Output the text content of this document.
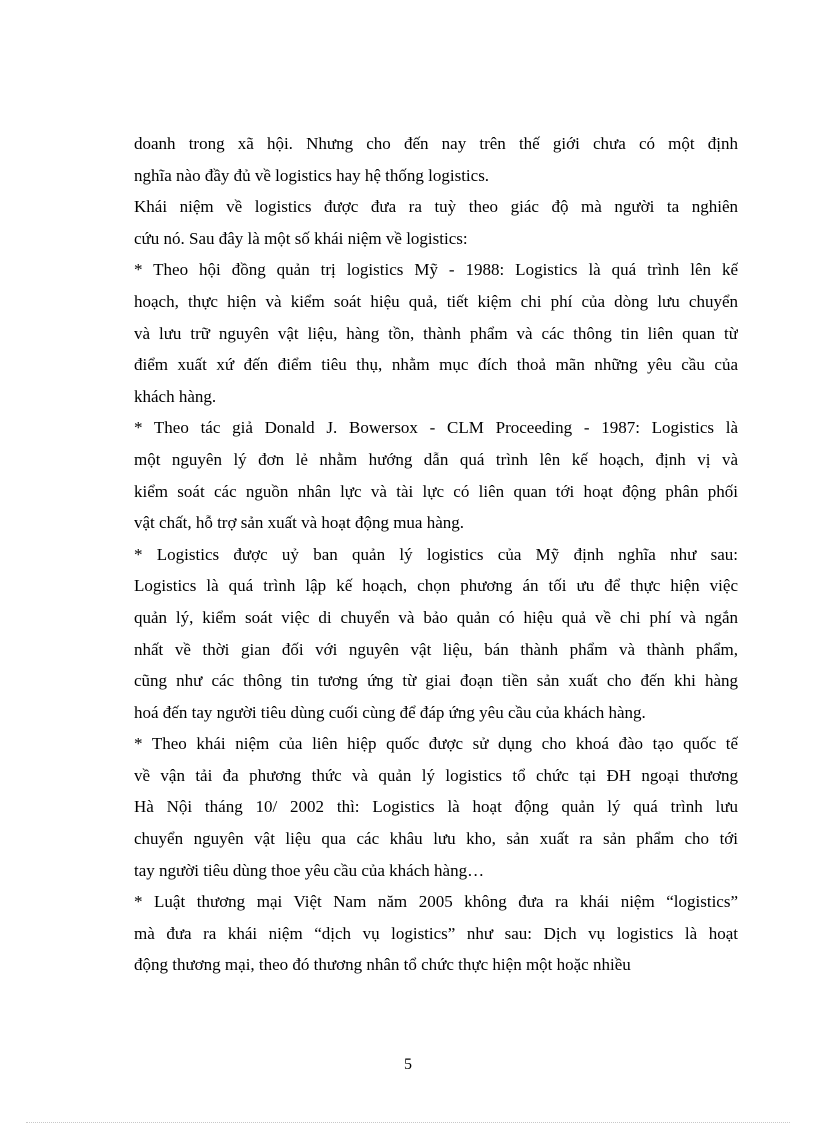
doanh trong xã hội. Nhưng cho đến nay trên thế giới chưa có một định
nghĩa nào đầy đủ về logistics hay hệ thống logistics.
Khái niệm về logistics được đưa ra tuỳ theo giác độ mà người ta nghiên
cứu nó. Sau đây là một số khái niệm về logistics:
* Theo hội đồng quản trị logistics Mỹ - 1988: Logistics là quá trình lên kế
hoạch, thực hiện và kiểm soát hiệu quả, tiết kiệm chi phí của dòng lưu chuyển
và lưu trữ nguyên vật liệu, hàng tồn, thành phẩm và các thông tin liên quan từ
điểm xuất xứ đến điểm tiêu thụ, nhằm mục đích thoả mãn những yêu cầu của
khách hàng.
* Theo tác giả Donald J. Bowersox - CLM Proceeding - 1987: Logistics là
một nguyên lý đơn lẻ nhằm hướng dẫn quá trình lên kế hoạch, định vị và
kiểm soát các nguồn nhân lực và tài lực có liên quan tới hoạt động phân phối
vật chất, hỗ trợ sản xuất và hoạt động mua hàng.
* Logistics được uỷ ban quản lý logistics của Mỹ định nghĩa như sau:
Logistics là quá trình lập kế hoạch, chọn phương án tối ưu để thực hiện việc
quản lý, kiểm soát việc di chuyển và bảo quản có hiệu quả về chi phí và ngắn
nhất về thời gian đối với nguyên vật liệu, bán thành phẩm và thành phẩm,
cũng như các thông tin tương ứng từ giai đoạn tiền sản xuất cho đến khi hàng
hoá đến tay người tiêu dùng cuối cùng để đáp ứng yêu cầu của khách hàng.
* Theo khái niệm của liên hiệp quốc được sử dụng cho khoá đào tạo quốc tế
về vận tải đa phương thức và quản lý logistics tổ chức tại ĐH ngoại thương
Hà Nội tháng 10/ 2002 thì: Logistics là hoạt động quản lý quá trình lưu
chuyển nguyên vật liệu qua các khâu lưu kho, sản xuất ra sản phẩm cho tới
tay người tiêu dùng thoe yêu cầu của khách hàng…
* Luật thương mại Việt Nam năm 2005 không đưa ra khái niệm “logistics”
mà đưa ra khái niệm “dịch vụ logistics” như sau: Dịch vụ logistics là hoạt
động thương mại, theo đó thương nhân tổ chức thực hiện một hoặc nhiều
5
